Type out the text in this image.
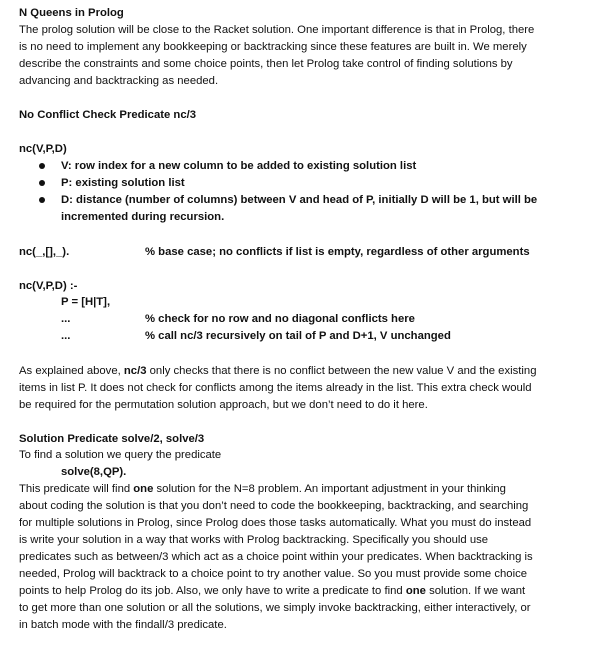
N Queens in Prolog
The prolog solution will be close to the Racket solution. One important difference is that in Prolog, there
is no need to implement any bookkeeping or backtracking since these features are built in. We merely
describe the constraints and some choice points, then let Prolog take control of finding solutions by
advancing and backtracking as needed.
No Conflict Check Predicate nc/3
nc(V,P,D)
V: row index for a new column to be added to existing solution list
P: existing solution list
D: distance (number of columns) between V and head of P, initially D will be 1, but will be
incremented during recursion.
nc(_,[],_).	% base case; no conflicts if list is empty, regardless of other arguments
nc(V,P,D) :-
P = [H|T],
...	% check for no row and no diagonal conflicts here
...	% call nc/3 recursively on tail of P and D+1, V unchanged
As explained above, nc/3 only checks that there is no conflict between the new value V and the existing
items in list P. It does not check for conflicts among the items already in the list. This extra check would
be required for the permutation solution approach, but we don’t need to do it here.
Solution Predicate solve/2, solve/3
To find a solution we query the predicate
solve(8,QP).
This predicate will find one solution for the N=8 problem. An important adjustment in your thinking
about coding the solution is that you don’t need to code the bookkeeping, backtracking, and searching
for multiple solutions in Prolog, since Prolog does those tasks automatically. What you must do instead
is write your solution in a way that works with Prolog backtracking. Specifically you should use
predicates such as between/3 which act as a choice point within your predicates. When backtracking is
needed, Prolog will backtrack to a choice point to try another value. So you must provide some choice
points to help Prolog do its job. Also, we only have to write a predicate to find one solution. If we want
to get more than one solution or all the solutions, we simply invoke backtracking, either interactively, or
in batch mode with the findall/3 predicate.
